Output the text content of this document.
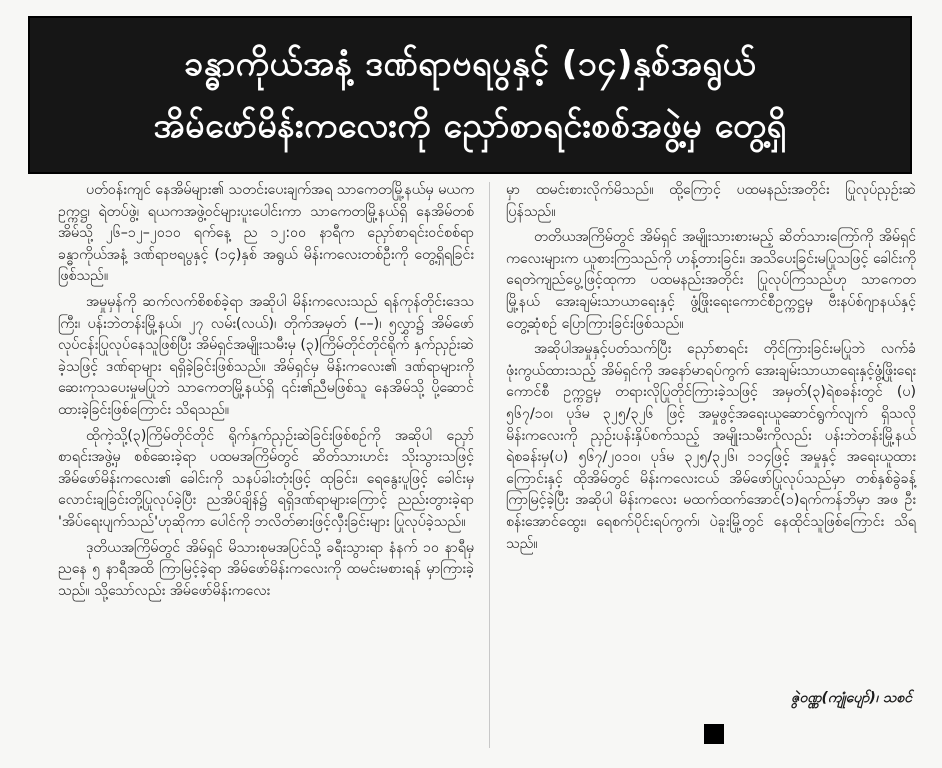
ခန္ဓာကိုယ်အနံ့ ဒဏ်ရာဗရပွနှင့် (၁၄)နှစ်အရွယ်
အိမ်ဖော်မိန်းကလေးကို ညှော်စာရင်းစစ်အဖွဲ့မှ တွေ့ရှိ

ပတ်ဝန်းကျင် နေအိမ်များ၏ သတင်းပေးချက်အရ သာကေတမြို့နယ်မှ မယက ဥက္ကဋ္ဌ၊ ရဲတပ်ဖွဲ့၊ ရယကအဖွဲ့ဝင်များပူးပေါင်းကာ သာကေတမြို့နယ်ရှိ နေအိမ်တစ်အိမ်သို့ ၂၆–၁၂–၂၀၁၀ ရက်နေ့ ည ၁၂:၀၀ နာရီက ညှော်စာရင်းဝင်စစ်ရာ ခန္ဓာကိုယ်အနံ့ ဒဏ်ရာဗရပွနှင့် (၁၄)နှစ် အရွယ် မိန်းကလေးတစ်ဦးကို တွေ့ရှိရခြင်းဖြစ်သည်။

အမှုမှန်ကို ဆက်လက်စိစစ်ခဲ့ရာ အဆိုပါ မိန်းကလေးသည် ရန်ကုန်တိုင်းဒေသကြီး၊ ပန်းဘဲတန်းမြို့နယ်၊ ၂၇ လမ်း(လယ်)၊ တိုက်အမှတ် (––)၊ ၅လွှာ၌ အိမ်ဖော်လုပ်ငန်းပြုလုပ်နေသူဖြစ်ပြီး အိမ်ရှင်အမျိုးသမီးမှ (၃)ကြိမ်တိုင်တိုင်ရိုက် နှက်ညှဉ်းဆဲခဲ့သဖြင့် ဒဏ်ရာများ ရရှိခဲ့ခြင်းဖြစ်သည်။ အိမ်ရှင်မှ မိန်းကလေး၏ ဒဏ်ရာများကို ဆေးကုသပေးမှုမပြုဘဲ သာကေတမြို့နယ်ရှိ ၎င်း၏ညီမဖြစ်သူ နေအိမ်သို့ ပို့ဆောင်ထားခဲ့ခြင်းဖြစ်ကြောင်း သိရသည်။

ထိုကဲ့သို့(၃)ကြိမ်တိုင်တိုင် ရိုက်နှက်ညှဉ်းဆဲခြင်းဖြစ်စဉ်ကို အဆိုပါ ညှော်စာရင်းအဖွဲ့မှ စစ်ဆေးခဲ့ရာ ပထမအကြိမ်တွင် ဆိတ်သားဟင်း သိုးသွားသဖြင့် အိမ်ဖော်မိန်းကလေး၏ ခေါင်းကို သနပ်ခါးတုံးဖြင့် ထုခြင်း၊ ရေနွေးပူဖြင့် ခေါင်းမှလောင်းချခြင်းတို့ပြုလုပ်ခဲ့ပြီး ညအိပ်ချိန်၌ ရရှိဒဏ်ရာများကြောင့် ညည်းတွားခဲ့ရာ 'အိပ်ရေးပျက်သည်'ဟုဆိုကာ ပေါင်ကို ဘလိတ်ဓားဖြင့်လှီးခြင်းများ ပြုလုပ်ခဲ့သည်။

ဒုတိယအကြိမ်တွင် အိမ်ရှင် မိသားစုမအပြင်သို့ ခရီးသွားရာ နံနက် ၁၀ နာရီမှ ညနေ ၅ နာရီအထိ ကြာမြင့်ခဲ့ရာ အိမ်ဖော်မိန်းကလေးကို ထမင်းမစားရန် မှာကြားခဲ့သည်။ သို့သော်လည်း အိမ်ဖော်မိန်းကလေး

မှာ ထမင်းစားလိုက်မိသည်။ ထို့ကြောင့် ပထမနည်းအတိုင်း ပြုလုပ်ညှဉ်းဆဲပြန်သည်။

တတိယအကြိမ်တွင် အိမ်ရှင် အမျိုးသားစားမည့် ဆိတ်သားကြော်ကို အိမ်ရှင်ကလေးများက ယူစားကြသည်ကို ဟန့်တားခြင်း၊ အသိပေးခြင်းမပြုသဖြင့် ခေါင်းကို ရေတဲကျည်ပွေ့ဖြင့်ထုကာ ပထမနည်းအတိုင်း ပြုလုပ်ကြသည်ဟု သာကေတမြို့နယ် အေးချမ်းသာယာရေးနှင့် ဖွံ့ဖြိုးရေးကောင်စီဥက္ကဋ္ဌမှ ဗီးနပ်စ်ဂျာနယ်နှင့် တွေ့ဆုံစဉ် ပြောကြားခြင်းဖြစ်သည်။

အဆိုပါအမှုနှင့်ပတ်သက်ပြီး ညှော်စာရင်း တိုင်ကြားခြင်းမပြုဘဲ လက်ခံဖုံးကွယ်ထားသည့် အိမ်ရှင်ကို အနော်မာရပ်ကွက် အေးချမ်းသာယာရေးနှင့်ဖွံ့ဖြိုးရေးကောင်စီ ဥက္ကဋ္ဌမှ တရားလိုပြုတိုင်ကြားခဲ့သဖြင့် အမှတ်(၃)ရဲစခန်းတွင် (ပ) ၅၆၇/၁၀၊ ပုဒ်မ ၃၂၅/၃၂၆ ဖြင့် အမှုဖွင့်အရေးယူဆောင်ရွက်လျက် ရှိသလို မိန်းကလေးကို ညှဉ်းပန်းနှိပ်စက်သည့် အမျိုးသမီးကိုလည်း ပန်းဘဲတန်းမြို့နယ် ရဲစခန်းမှ(ပ) ၅၆၇/၂၀၁၀၊ ပုဒ်မ ၃၂၅/၃၂၆၊ ၁၁၄ဖြင့် အမှုနှင့် အရေးယူထားကြောင်းနှင့် ထိုအိမ်တွင် မိန်းကလေးငယ် အိမ်ဖော်ပြုလုပ်သည်မှာ တစ်နှစ်ခွဲခန့်ကြာမြင့်ခဲ့ပြီး အဆိုပါ မိန်းကလေး မထက်ထက်အောင်(၁)ရက်ကန်ဘိမှာ အဖ ဦးစန်းအောင်ထွေး၊ ရေစက်ပိုင်းရပ်ကွက်၊ ပဲခူးမြို့တွင် နေထိုင်သူဖြစ်ကြောင်း သိရသည်။

ဇွဲဝဏ္ဏ(ကျုံပျော်)၊ သစင်
